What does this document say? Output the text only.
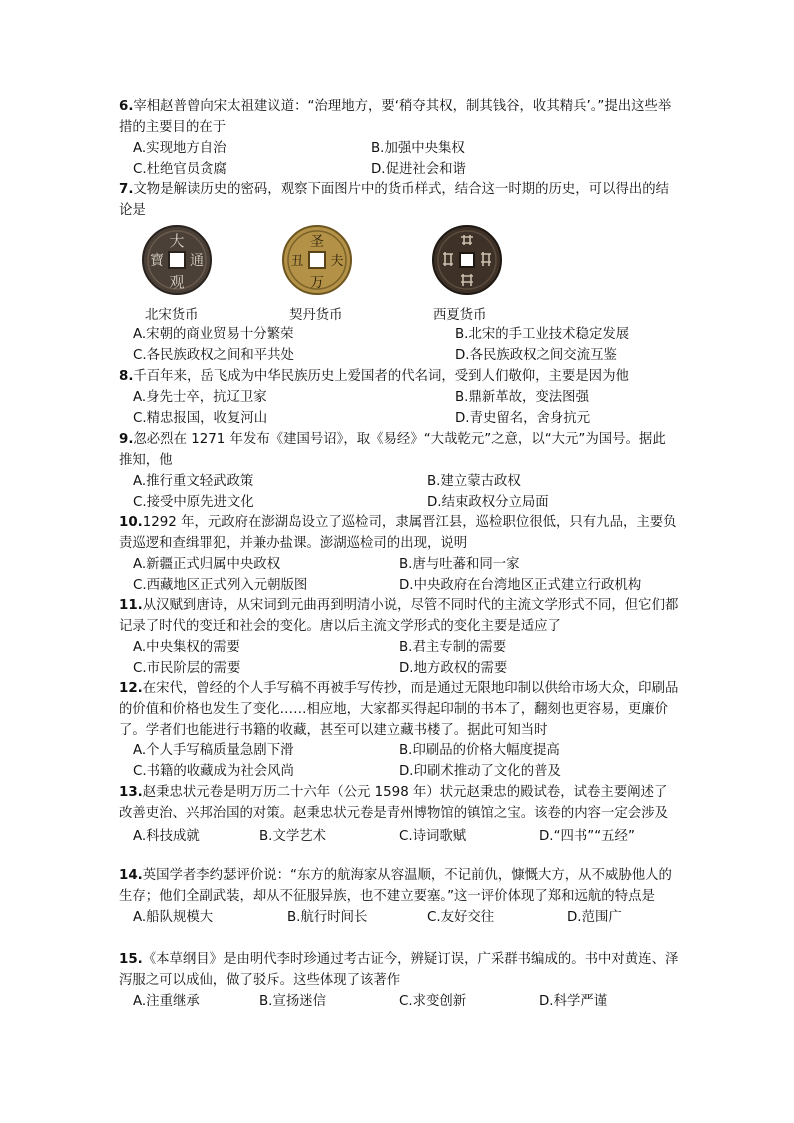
6.宰相赵普曾向宋太祖建议道：“治理地方，要‘稍夺其权，制其钱谷，收其精兵’。”提出这些举措的主要目的在于
A.实现地方自治	B.加强中央集权
C.杜绝官员贪腐	D.促进社会和谐
7.文物是解读历史的密码，观察下面图片中的货币样式，结合这一时期的历史，可以得出的结论是
大
通
观
寶
北宋货币
圣
夫
万
丑
契丹货币	西夏货币
A.宋朝的商业贸易十分繁荣	B.北宋的手工业技术稳定发展
C.各民族政权之间和平共处	D.各民族政权之间交流互鉴
8.千百年来，岳飞成为中华民族历史上爱国者的代名词，受到人们敬仰，主要是因为他
A.身先士卒，抗辽卫家	B.鼎新革故，变法图强
C.精忠报国，收复河山	D.青史留名，舍身抗元
9.忽必烈在 1271 年发布《建国号诏》，取《易经》“大哉乾元”之意，以“大元”为国号。据此推知，他
A.推行重文轻武政策	B.建立蒙古政权
C.接受中原先进文化	D.结束政权分立局面
10.1292 年，元政府在澎湖岛设立了巡检司，隶属晋江县，巡检职位很低，只有九品，主要负责巡逻和查缉罪犯，并兼办盐课。澎湖巡检司的出现，说明
A.新疆正式归属中央政权	B.唐与吐蕃和同一家
C.西藏地区正式列入元朝版图	D.中央政府在台湾地区正式建立行政机构
11.从汉赋到唐诗，从宋词到元曲再到明清小说，尽管不同时代的主流文学形式不同，但它们都记录了时代的变迁和社会的变化。唐以后主流文学形式的变化主要是适应了
A.中央集权的需要	B.君主专制的需要
C.市民阶层的需要	D.地方政权的需要
12.在宋代，曾经的个人手写稿不再被手写传抄，而是通过无限地印制以供给市场大众，印刷品的价值和价格也发生了变化……相应地，大家都买得起印制的书本了，翻刻也更容易，更廉价了。学者们也能进行书籍的收藏，甚至可以建立藏书楼了。据此可知当时
A.个人手写稿质量急剧下滑	B.印刷品的价格大幅度提高
C.书籍的收藏成为社会风尚	D.印刷术推动了文化的普及
13.赵秉忠状元卷是明万历二十六年（公元 1598 年）状元赵秉忠的殿试卷，试卷主要阐述了改善吏治、兴邦治国的对策。赵秉忠状元卷是青州博物馆的镇馆之宝。该卷的内容一定会涉及
A.科技成就	B.文学艺术	C.诗词歌赋	D.“四书”“五经”
14.英国学者李约瑟评价说：“东方的航海家从容温顺，不记前仇，慷慨大方，从不威胁他人的生存；他们全副武装，却从不征服异族，也不建立要塞。”这一评价体现了郑和远航的特点是
A.船队规模大	B.航行时间长	C.友好交往	D.范围广
15.《本草纲目》是由明代李时珍通过考古证今，辨疑订误，广采群书编成的。书中对黄连、泽泻服之可以成仙，做了驳斥。这些体现了该著作
A.注重继承	B.宣扬迷信	C.求变创新	D.科学严谨
